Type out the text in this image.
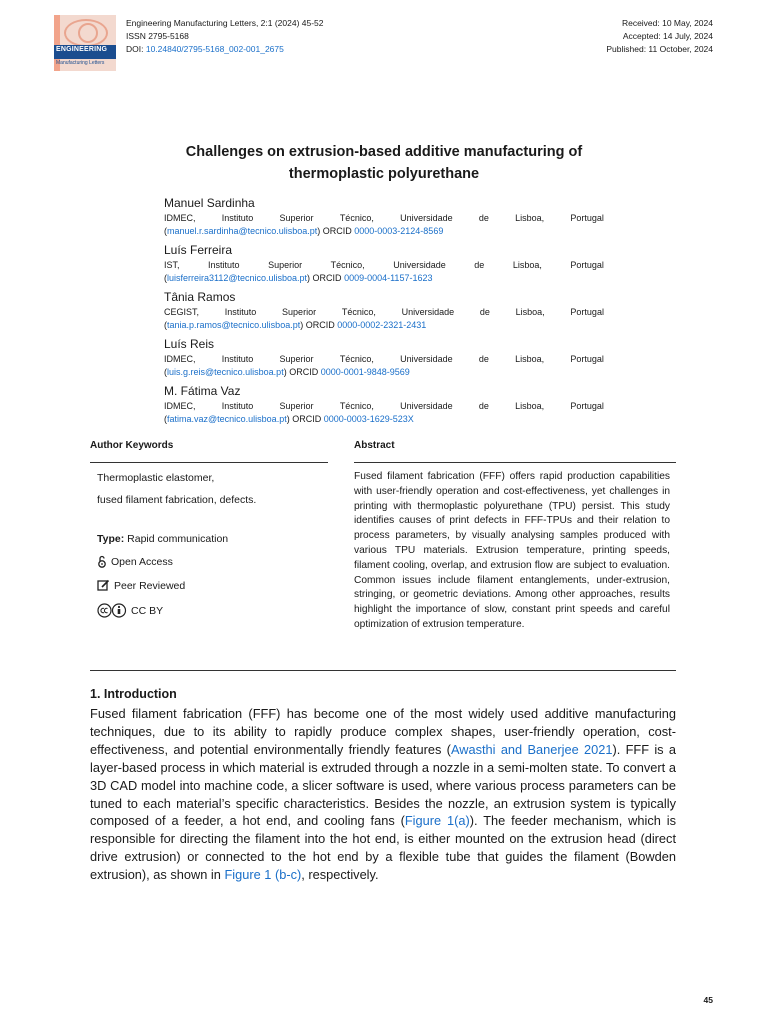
ENGINEERING
Manufacturing Letters
Engineering Manufacturing Letters, 2:1 (2024) 45-52
ISSN 2795-5168
DOI: 10.24840/2795-5168_002-001_2675
Received: 10 May, 2024
Accepted: 14 July, 2024
Published: 11 October, 2024
Challenges on extrusion-based additive manufacturing of
thermoplastic polyurethane
Manuel Sardinha
IDMEC,	Instituto	Superior	Técnico,	Universidade	de	Lisboa,	Portugal
(manuel.r.sardinha@tecnico.ulisboa.pt) ORCID 0000-0003-2124-8569
Luís Ferreira
IST,	Instituto	Superior	Técnico,	Universidade	de	Lisboa,	Portugal
(luisferreira3112@tecnico.ulisboa.pt) ORCID 0009-0004-1157-1623
Tânia Ramos
CEGIST,	Instituto	Superior	Técnico,	Universidade	de	Lisboa,	Portugal
(tania.p.ramos@tecnico.ulisboa.pt) ORCID 0000-0002-2321-2431
Luís Reis
IDMEC,	Instituto	Superior	Técnico,	Universidade	de	Lisboa,	Portugal
(luis.g.reis@tecnico.ulisboa.pt) ORCID 0000-0001-9848-9569
M. Fátima Vaz
IDMEC,	Instituto	Superior	Técnico,	Universidade	de	Lisboa,	Portugal
(fatima.vaz@tecnico.ulisboa.pt) ORCID 0000-0003-1629-523X
Author Keywords	Abstract
Thermoplastic elastomer,
fused filament fabrication, defects.
Type: Rapid communication
Open Access
Peer Reviewed
CC BY
Fused filament fabrication (FFF) offers rapid production capabilities with user-friendly operation and cost-effectiveness, yet challenges in printing with thermoplastic polyurethane (TPU) persist. This study identifies causes of print defects in FFF-TPUs and their relation to process parameters, by visually analysing samples produced with various TPU materials. Extrusion temperature, printing speeds, filament cooling, overlap, and extrusion flow are subject to evaluation. Common issues include filament entanglements, under-extrusion, stringing, or geometric deviations. Among other approaches, results highlight the importance of slow, constant print speeds and careful optimization of extrusion temperature.
1. Introduction
Fused filament fabrication (FFF) has become one of the most widely used additive manufacturing techniques, due to its ability to rapidly produce complex shapes, user-friendly operation, cost-effectiveness, and potential environmentally friendly features (Awasthi and Banerjee 2021). FFF is a layer-based process in which material is extruded through a nozzle in a semi-molten state. To convert a 3D CAD model into machine code, a slicer software is used, where various process parameters can be tuned to each material’s specific characteristics. Besides the nozzle, an extrusion system is typically composed of a feeder, a hot end, and cooling fans (Figure 1(a)). The feeder mechanism, which is responsible for directing the filament into the hot end, is either mounted on the extrusion head (direct drive extrusion) or connected to the hot end by a flexible tube that guides the filament (Bowden extrusion), as shown in Figure 1 (b-c), respectively.
45
